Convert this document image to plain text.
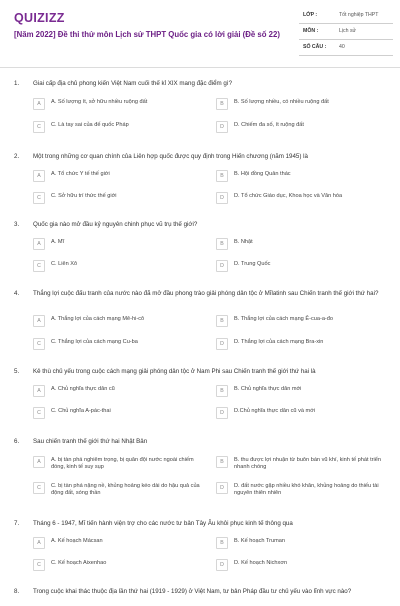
QUIZIZZ
[Năm 2022] Đề thi thử môn Lịch sử THPT Quốc gia có lời giải (Đề số 22)
LỚP :	Tốt nghiệp THPT
MÔN :	Lịch sử
SỐ CÂU : 40
1. Giai cấp địa chủ phong kiến Việt Nam cuối thế kỉ XIX mang đặc điểm gì?
A	A. Số lượng ít, sở hữu nhiều ruộng đất	B	B. Số lượng nhiều, có nhiều ruộng đất
C	C. Là tay sai của đế quốc Pháp	D	D. Chiếm đa số, ít ruộng đất
2. Một trong những cơ quan chính của Liên hợp quốc được quy định trong Hiến chương (năm 1945) là
A	A. Tổ chức Y tế thế giới	B	B. Hội đồng Quản thác
C	C. Sở hữu trí thức thế giới	D	D. Tổ chức Giáo dục, Khoa học và Văn hóa
3. Quốc gia nào mở đầu kỷ nguyên chinh phục vũ trụ thế giới?
A	A. Mĩ	B	B. Nhật
C	C. Liên Xô	D	D. Trung Quốc
4. Thắng lợi cuộc đấu tranh của nước nào đã mở đầu phong trào giải phóng dân tộc ở Mĩlatinh sau Chiến tranh thế giới thứ hai?
A	A. Thắng lợi của cách mạng Mê-hi-cô	B	B. Thắng lợi của cách mạng Ê-cua-a-đo
C	C. Thắng lợi của cách mạng Cu-ba	D	D. Thắng lợi của cách mạng Bra-xin
5. Kẻ thù chủ yếu trong cuộc cách mạng giải phóng dân tộc ở Nam Phi sau Chiến tranh thế giới thứ hai là
A	A. Chủ nghĩa thực dân cũ	B	B. Chủ nghĩa thực dân mới
C	C. Chủ nghĩa A-pác-thai	D	D.Chủ nghĩa thực dân cũ và mới
6. Sau chiến tranh thế giới thứ hai Nhật Bản
A	A. bị tàn phá nghiêm trọng, bị quân đội nước ngoài chiếm đóng, kinh tế suy sụp
B	B. thu được lợi nhuận từ buôn bán vũ khí, kinh tế phát triển nhanh chóng
C	C. bị tàn phá nặng nề, khủng hoảng kéo dài do hậu quả của động đất, sóng thần
D	D. đất nước gặp nhiều khó khăn, khủng hoảng do thiếu tài nguyên thiên nhiên
7. Tháng 6 - 1947, Mĩ tiến hành viện trợ cho các nước tư bản Tây Âu khôi phục kinh tế thông qua
A	A. Kế hoạch Mácsan	B	B. Kế hoạch Truman
C	C. Kế hoạch Aixenhao	D	D. Kế hoạch Nichxơn
8. Trong cuộc khai thác thuộc địa lần thứ hai (1919 - 1929) ở Việt Nam, tư bản Pháp đầu tư chủ yếu vào lĩnh vực nào?
